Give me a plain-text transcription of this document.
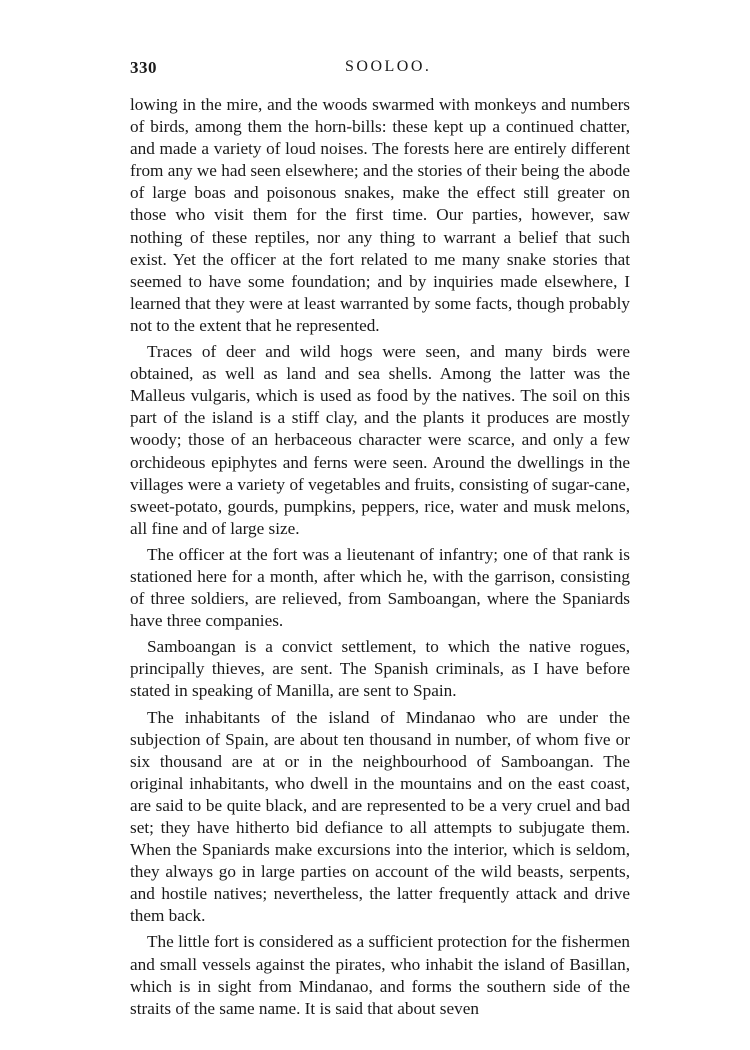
330	SOOLOO.

lowing in the mire, and the woods swarmed with monkeys and numbers of birds, among them the horn-bills: these kept up a continued chatter, and made a variety of loud noises. The forests here are entirely different from any we had seen elsewhere; and the stories of their being the abode of large boas and poisonous snakes, make the effect still greater on those who visit them for the first time. Our parties, however, saw nothing of these reptiles, nor any thing to warrant a belief that such exist. Yet the officer at the fort related to me many snake stories that seemed to have some foundation; and by inquiries made elsewhere, I learned that they were at least warranted by some facts, though probably not to the extent that he represented.

Traces of deer and wild hogs were seen, and many birds were obtained, as well as land and sea shells. Among the latter was the Malleus vulgaris, which is used as food by the natives. The soil on this part of the island is a stiff clay, and the plants it produces are mostly woody; those of an herbaceous character were scarce, and only a few orchideous epiphytes and ferns were seen. Around the dwellings in the villages were a variety of vegetables and fruits, consisting of sugar-cane, sweet-potato, gourds, pumpkins, peppers, rice, water and musk melons, all fine and of large size.

The officer at the fort was a lieutenant of infantry; one of that rank is stationed here for a month, after which he, with the garrison, consisting of three soldiers, are relieved, from Samboangan, where the Spaniards have three companies.

Samboangan is a convict settlement, to which the native rogues, principally thieves, are sent. The Spanish criminals, as I have before stated in speaking of Manilla, are sent to Spain.

The inhabitants of the island of Mindanao who are under the subjection of Spain, are about ten thousand in number, of whom five or six thousand are at or in the neighbourhood of Samboangan. The original inhabitants, who dwell in the mountains and on the east coast, are said to be quite black, and are represented to be a very cruel and bad set; they have hitherto bid defiance to all attempts to subjugate them. When the Spaniards make excursions into the interior, which is seldom, they always go in large parties on account of the wild beasts, serpents, and hostile natives; nevertheless, the latter frequently attack and drive them back.

The little fort is considered as a sufficient protection for the fishermen and small vessels against the pirates, who inhabit the island of Basillan, which is in sight from Mindanao, and forms the southern side of the straits of the same name. It is said that about seven
